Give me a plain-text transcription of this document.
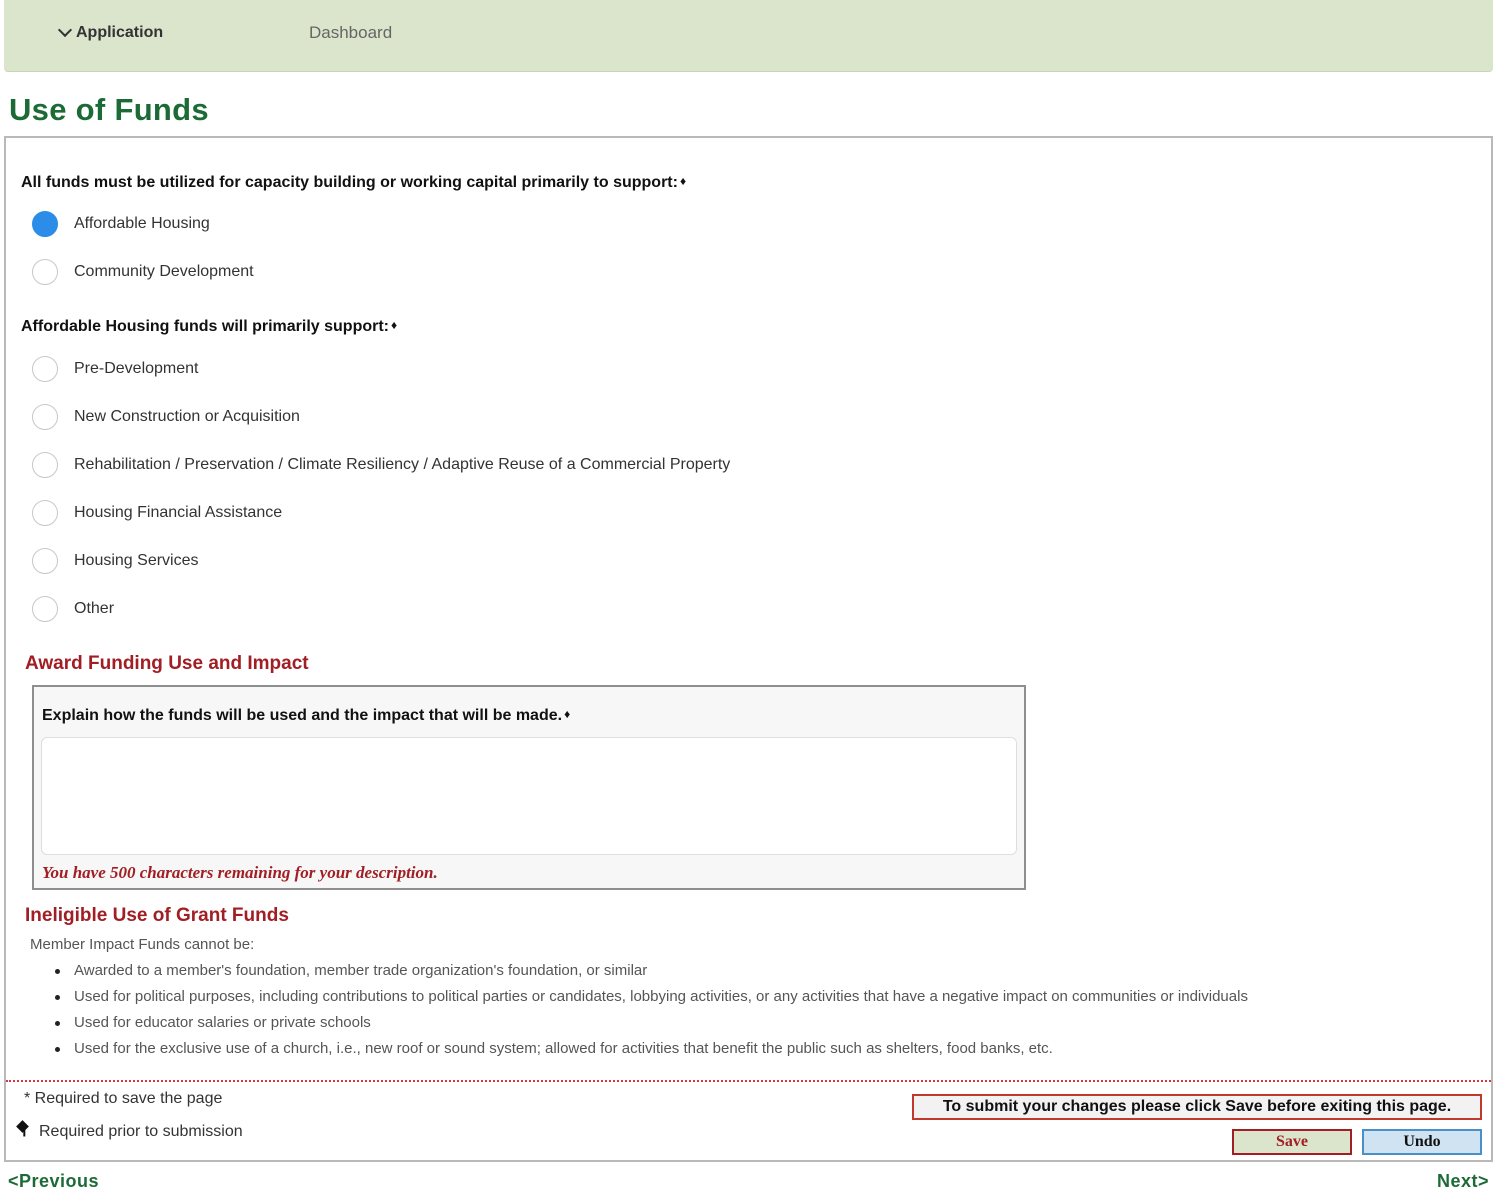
Application	Dashboard
Use of Funds
All funds must be utilized for capacity building or working capital primarily to support: ♦
Affordable Housing
Community Development
Affordable Housing funds will primarily support: ♦
Pre-Development
New Construction or Acquisition
Rehabilitation / Preservation / Climate Resiliency / Adaptive Reuse of a Commercial Property
Housing Financial Assistance
Housing Services
Other
Award Funding Use and Impact
Explain how the funds will be used and the impact that will be made. ♦
You have 500 characters remaining for your description.
Ineligible Use of Grant Funds
Member Impact Funds cannot be:
Awarded to a member's foundation, member trade organization's foundation, or similar
Used for political purposes, including contributions to political parties or candidates, lobbying activities, or any activities that have a negative impact on communities or individuals
Used for educator salaries or private schools
Used for the exclusive use of a church, i.e., new roof or sound system; allowed for activities that benefit the public such as shelters, food banks, etc.
* Required to save the page
Required prior to submission
To submit your changes please click Save before exiting this page.
Save	Undo
<Previous	Next>
